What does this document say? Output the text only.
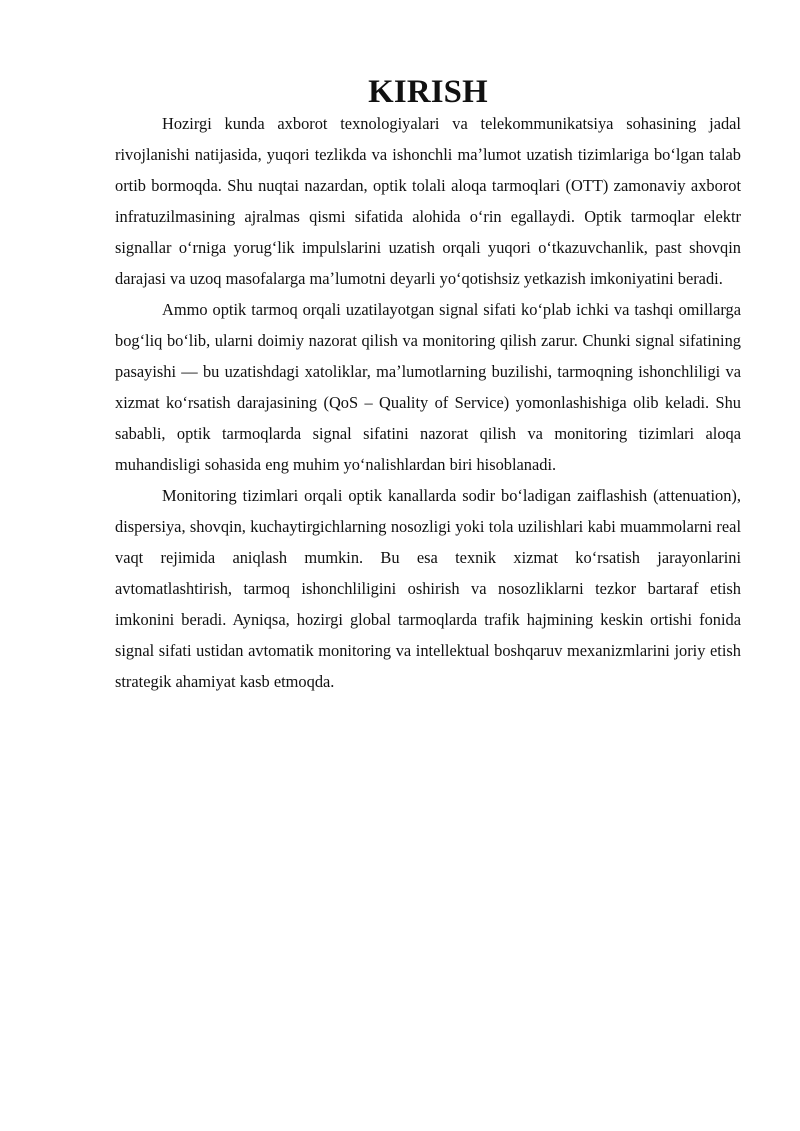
KIRISH

Hozirgi kunda axborot texnologiyalari va telekommunikatsiya sohasining jadal rivojlanishi natijasida, yuqori tezlikda va ishonchli maʼlumot uzatish tizimlariga boʻlgan talab ortib bormoqda. Shu nuqtai nazardan, optik tolali aloqa tarmoqlari (OTT) zamonaviy axborot infratuzilmasining ajralmas qismi sifatida alohida oʻrin egallaydi. Optik tarmoqlar elektr signallar oʻrniga yorugʻlik impulslarini uzatish orqali yuqori oʻtkazuvchanlik, past shovqin darajasi va uzoq masofalarga maʼlumotni deyarli yoʻqotishsiz yetkazish imkoniyatini beradi.

Ammo optik tarmoq orqali uzatilayotgan signal sifati koʻplab ichki va tashqi omillarga bogʻliq boʻlib, ularni doimiy nazorat qilish va monitoring qilish zarur. Chunki signal sifatining pasayishi — bu uzatishdagi xatoliklar, maʼlumotlarning buzilishi, tarmoqning ishonchliligi va xizmat koʻrsatish darajasining (QoS – Quality of Service) yomonlashishiga olib keladi. Shu sababli, optik tarmoqlarda signal sifatini nazorat qilish va monitoring tizimlari aloqa muhandisligi sohasida eng muhim yoʻnalishlardan biri hisoblanadi.

Monitoring tizimlari orqali optik kanallarda sodir boʻladigan zaiflashish (attenuation), dispersiya, shovqin, kuchaytirgichlarning nosozligi yoki tola uzilishlari kabi muammolarni real vaqt rejimida aniqlash mumkin. Bu esa texnik xizmat koʻrsatish jarayonlarini avtomatlashtirish, tarmoq ishonchliligini oshirish va nosozliklarni tezkor bartaraf etish imkonini beradi. Ayniqsa, hozirgi global tarmoqlarda trafik hajmining keskin ortishi fonida signal sifati ustidan avtomatik monitoring va intellektual boshqaruv mexanizmlarini joriy etish strategik ahamiyat kasb etmoqda.
